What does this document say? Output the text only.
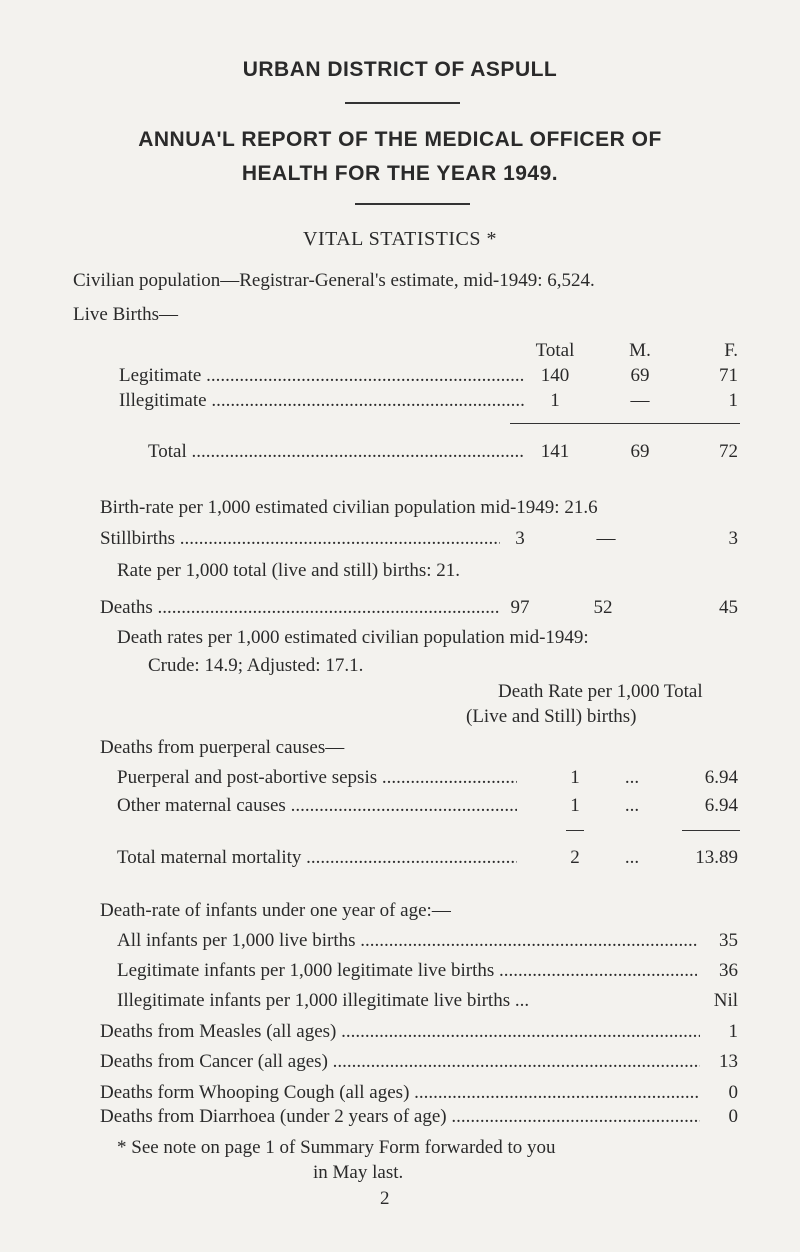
URBAN DISTRICT OF ASPULL
ANNUA'L REPORT OF THE MEDICAL OFFICER OF
HEALTH FOR THE YEAR 1949.
VITAL STATISTICS *
Civilian population—Registrar-General's estimate, mid-1949: 6,524.
Live Births—
Total	M.	F.
Legitimate .....	140	69	71
Illegitimate .....	1	—	1
Total .....	141	69	72
Birth-rate per 1,000 estimated civilian population mid-1949: 21.6
Stillbirths .....	3	—	3
Rate per 1,000 total (live and still) births: 21.
Deaths .....	97	52	45
Death rates per 1,000 estimated civilian population mid-1949:
Crude: 14.9; Adjusted: 17.1.
Death Rate per 1,000 Total
(Live and Still) births)
Deaths from puerperal causes—
Puerperal and post-abortive sepsis .....	1	...	6.94
Other maternal causes .....	1	...	6.94
Total maternal mortality .....	2	...	13.89
Death-rate of infants under one year of age:—
All infants per 1,000 live births .....	35
Legitimate infants per 1,000 legitimate live births .....	36
Illegitimate infants per 1,000 illegitimate live births ...	Nil
Deaths from Measles (all ages) .....	1
Deaths from Cancer (all ages) .....	13
Deaths form Whooping Cough (all ages) .....	0
Deaths from Diarrhoea (under 2 years of age) .....	0
* See note on page 1 of Summary Form forwarded to you
in May last.
2
